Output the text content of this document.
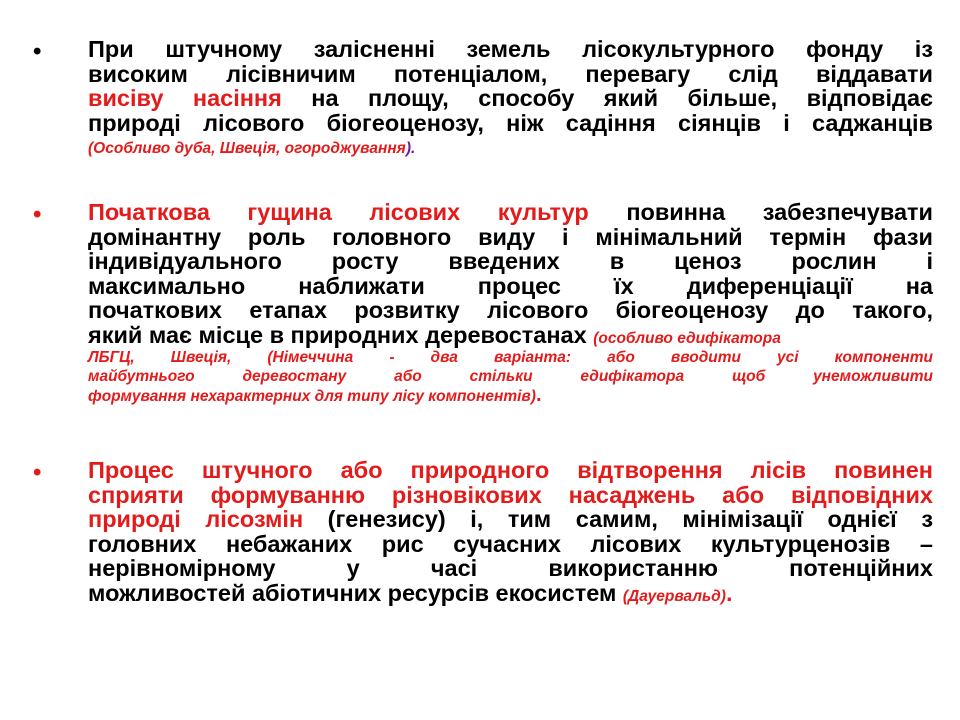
• При штучному залісненні земель лісокультурного фонду із
високим лісівничим потенціалом, перевагу слід віддавати
висіву насіння на площу, способу який більше, відповідає
природі лісового біогеоценозу, ніж садіння сіянців і саджанців
(Особливо дуба, Швеція, огороджування).
• Початкова гущина лісових культур повинна забезпечувати
домінантну роль головного виду і мінімальний термін фази
індивідуального росту введених в ценоз рослин і
максимально наближати процес їх диференціації на
початкових етапах розвитку лісового біогеоценозу до такого,
який має місце в природних деревостанах (особливо едифікатора
ЛБГЦ, Швеція, (Німеччина - два варіанта: або вводити усі компоненти
майбутнього деревостану або стільки едифікатора щоб унеможливити
формування нехарактерних для типу лісу компонентів).
• Процес штучного або природного відтворення лісів повинен
сприяти формуванню різновікових насаджень або відповідних
природі лісозмін (генезису) і, тим самим, мінімізації однієї з
головних небажаних рис сучасних лісових культурценозів –
нерівномірному у часі використанню потенційних
можливостей абіотичних ресурсів екосистем (Дауервальд).
